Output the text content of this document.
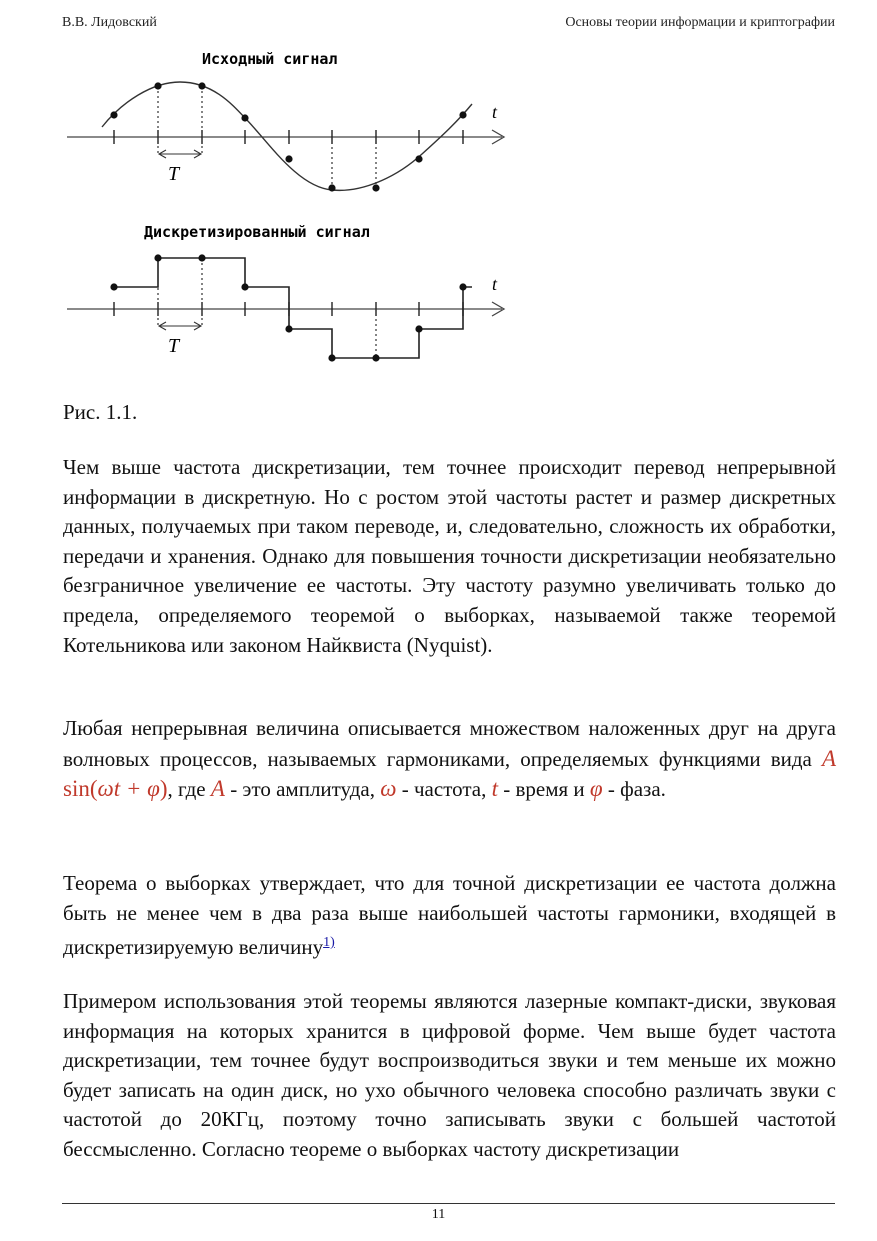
В.В. Лидовский	Основы теории информации и криптографии
Исходный сигнал
t
T
Дискретизированный сигнал
t
T
Рис. 1.1.
Чем выше частота дискретизации, тем точнее происходит перевод непрерывной информации в дискретную. Но с ростом этой частоты растет и размер дискретных данных, получаемых при таком переводе, и, следовательно, сложность их обработки, передачи и хранения. Однако для повышения точности дискретизации необязательно безграничное увеличение ее частоты. Эту частоту разумно увеличивать только до предела, определяемого теоремой о выборках, называемой также теоремой Котельникова или законом Найквиста (Nyquist).
Любая непрерывная величина описывается множеством наложенных друг на друга волновых процессов, называемых гармониками, определяемых функциями вида A sin(ωt + φ), где A - это амплитуда, ω - частота, t - время и φ - фаза.
Теорема о выборках утверждает, что для точной дискретизации ее частота должна быть не менее чем в два раза выше наибольшей частоты гармоники, входящей в дискретизируемую величину$^{1)}$
Примером использования этой теоремы являются лазерные компакт-диски, звуковая информация на которых хранится в цифровой форме. Чем выше будет частота дискретизации, тем точнее будут воспроизводиться звуки и тем меньше их можно будет записать на один диск, но ухо обычного человека способно различать звуки с частотой до 20КГц, поэтому точно записывать звуки с большей частотой бессмысленно. Согласно теореме о выборках частоту дискретизации
11
